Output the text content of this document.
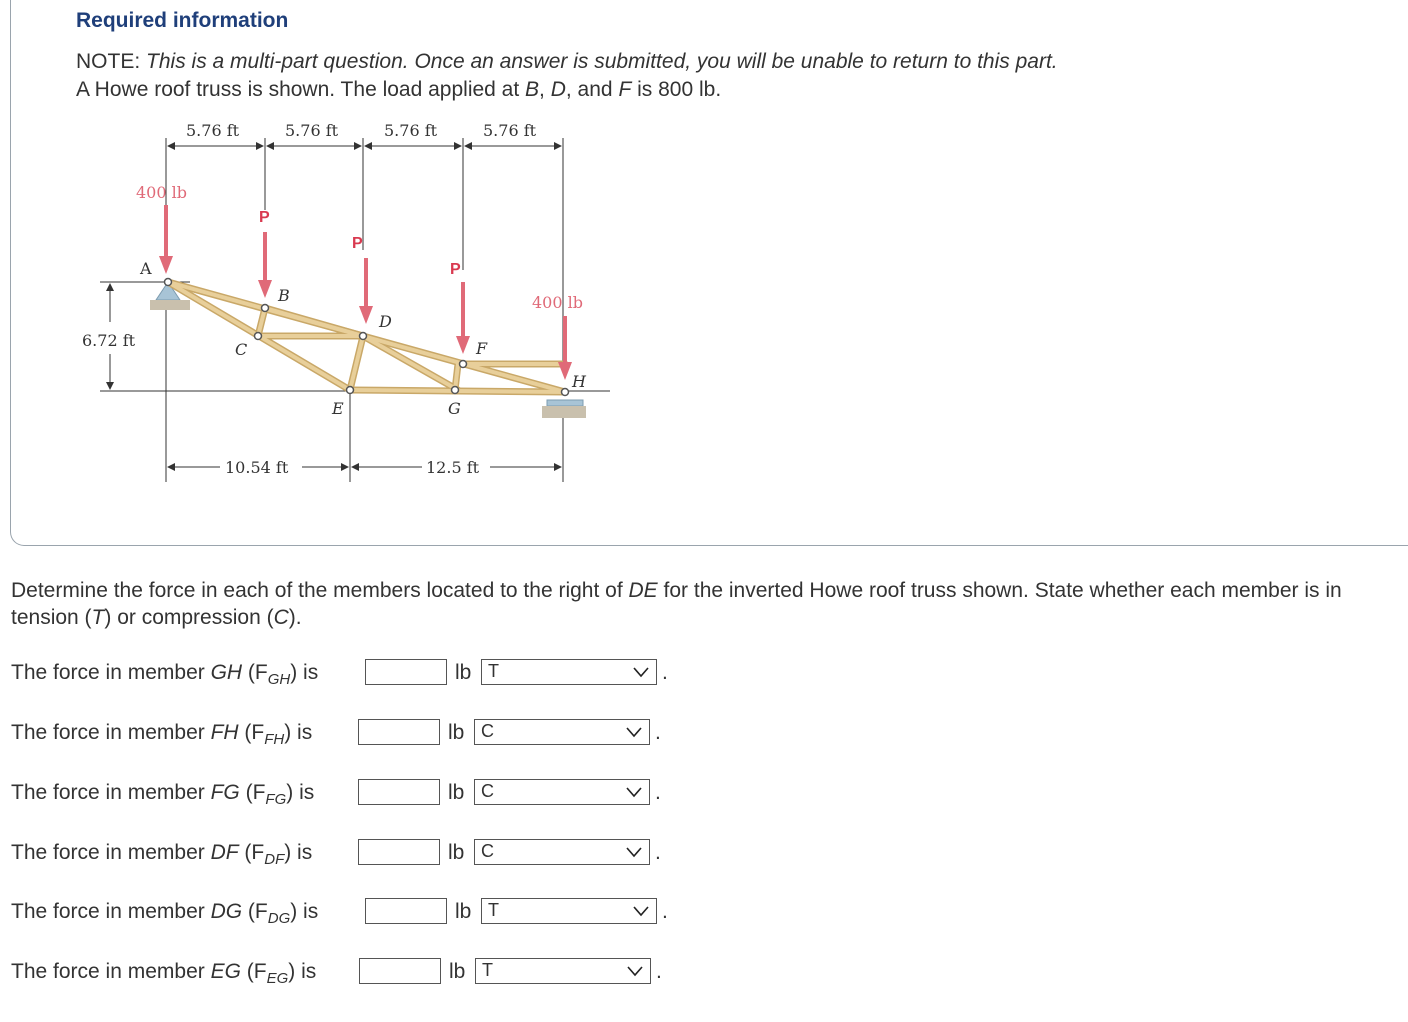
Required information
NOTE: This is a multi-part question. Once an answer is submitted, you will be unable to return to this part.
A Howe roof truss is shown. The load applied at B, D, and F is 800 lb.
5.76 ft	5.76 ft	5.76 ft	5.76 ft
6.72 ft
10.54 ft	12.5 ft
400 lb
400 lb
P
P
P
A
B
C
D
E
F
G
H
Determine the force in each of the members located to the right of DE for the inverted Howe roof truss shown. State whether each member is in tension (T) or compression (C).
The force in member GH $(F_{GH})$ is	lb T	.
The force in member FH $(F_{FH})$ is	lb C	.
The force in member FG $(F_{FG})$ is	lb C	.
The force in member DF $(F_{DF})$ is	lb C	.
The force in member DG $(F_{DG})$ is	lb T	.
The force in member EG $(F_{EG})$ is	lb T	.
